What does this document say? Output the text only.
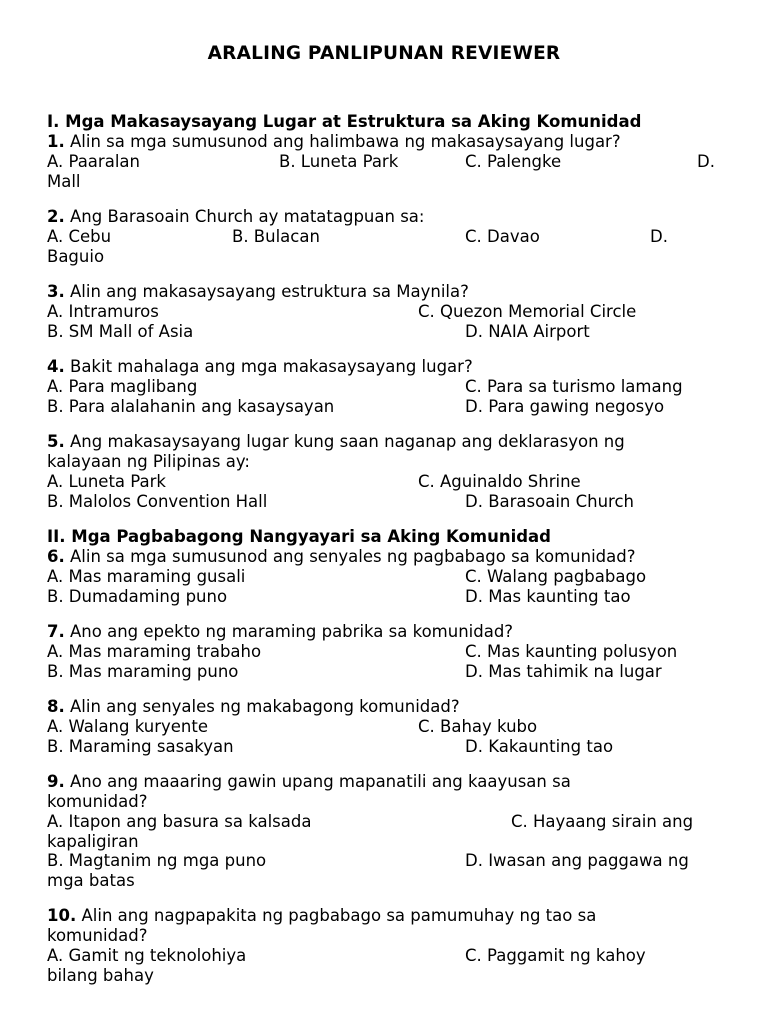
ARALING PANLIPUNAN REVIEWER
I. Mga Makasaysayang Lugar at Estruktura sa Aking Komunidad
1. Alin sa mga sumusunod ang halimbawa ng makasaysayang lugar?
A. Paaralan	B. Luneta Park	C. Palengke	D.
Mall
2. Ang Barasoain Church ay matatagpuan sa:
A. Cebu	B. Bulacan	C. Davao	D.
Baguio
3. Alin ang makasaysayang estruktura sa Maynila?
A. Intramuros	C. Quezon Memorial Circle
B. SM Mall of Asia	D. NAIA Airport
4. Bakit mahalaga ang mga makasaysayang lugar?
A. Para maglibang	C. Para sa turismo lamang
B. Para alalahanin ang kasaysayan	D. Para gawing negosyo
5. Ang makasaysayang lugar kung saan naganap ang deklarasyon ng
kalayaan ng Pilipinas ay:
A. Luneta Park	C. Aguinaldo Shrine
B. Malolos Convention Hall	D. Barasoain Church
II. Mga Pagbabagong Nangyayari sa Aking Komunidad
6. Alin sa mga sumusunod ang senyales ng pagbabago sa komunidad?
A. Mas maraming gusali	C. Walang pagbabago
B. Dumadaming puno	D. Mas kaunting tao
7. Ano ang epekto ng maraming pabrika sa komunidad?
A. Mas maraming trabaho	C. Mas kaunting polusyon
B. Mas maraming puno	D. Mas tahimik na lugar
8. Alin ang senyales ng makabagong komunidad?
A. Walang kuryente	C. Bahay kubo
B. Maraming sasakyan	D. Kakaunting tao
9. Ano ang maaaring gawin upang mapanatili ang kaayusan sa
komunidad?
A. Itapon ang basura sa kalsada	C. Hayaang sirain ang
kapaligiran
B. Magtanim ng mga puno	D. Iwasan ang paggawa ng
mga batas
10. Alin ang nagpapakita ng pagbabago sa pamumuhay ng tao sa
komunidad?
A. Gamit ng teknolohiya	C. Paggamit ng kahoy
bilang bahay
